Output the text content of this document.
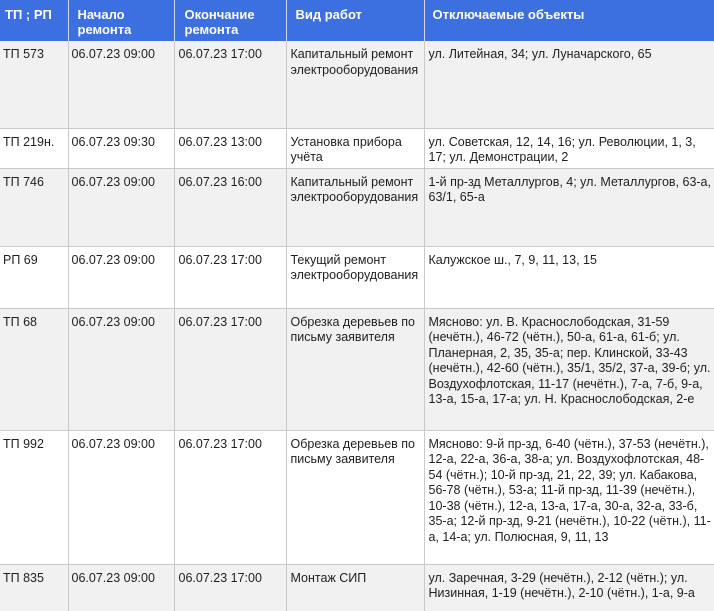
ТП ; РП	Начало ремонта	Окончание ремонта	Вид работ	Отключаемые объекты
ТП 573	06.07.23 09:00	06.07.23 17:00	Капитальный ремонт электрооборудования	ул. Литейная, 34; ул. Луначарского, 65
ТП 219н.	06.07.23 09:30	06.07.23 13:00	Установка прибора учёта	ул. Советская, 12, 14, 16; ул. Революции, 1, 3, 17; ул. Демонстрации, 2
ТП 746	06.07.23 09:00	06.07.23 16:00	Капитальный ремонт электрооборудования	1-й пр-зд Металлургов, 4; ул. Металлургов, 63-а, 63/1, 65-а
РП 69	06.07.23 09:00	06.07.23 17:00	Текущий ремонт электрооборудования	Калужское ш., 7, 9, 11, 13, 15
ТП 68	06.07.23 09:00	06.07.23 17:00	Обрезка деревьев по письму заявителя	Мясново: ул. В. Краснослободская, 31-59 (нечётн.), 46-72 (чётн.), 50-а, 61-а, 61-б; ул. Планерная, 2, 35, 35-а; пер. Клинской, 33-43 (нечётн.), 42-60 (чётн.), 35/1, 35/2, 37-а, 39-б; ул. Воздухофлотская, 11-17 (нечётн.), 7-а, 7-б, 9-а, 13-а, 15-а, 17-а; ул. Н. Краснослободская, 2-е
ТП 992	06.07.23 09:00	06.07.23 17:00	Обрезка деревьев по письму заявителя	Мясново: 9-й пр-зд, 6-40 (чётн.), 37-53 (нечётн.), 12-а, 22-а, 36-а, 38-а; ул. Воздухофлотская, 48-54 (чётн.); 10-й пр-зд, 21, 22, 39; ул. Кабакова, 56-78 (чётн.), 53-а; 11-й пр-зд, 11-39 (нечётн.), 10-38 (чётн.), 12-а, 13-а, 17-а, 30-а, 32-а, 33-б, 35-а; 12-й пр-зд, 9-21 (нечётн.), 10-22 (чётн.), 11-а, 14-а; ул. Полюсная, 9, 11, 13
ТП 835	06.07.23 09:00	06.07.23 17:00	Монтаж СИП	ул. Заречная, 3-29 (нечётн.), 2-12 (чётн.); ул. Низинная, 1-19 (нечётн.), 2-10 (чётн.), 1-а, 9-а
